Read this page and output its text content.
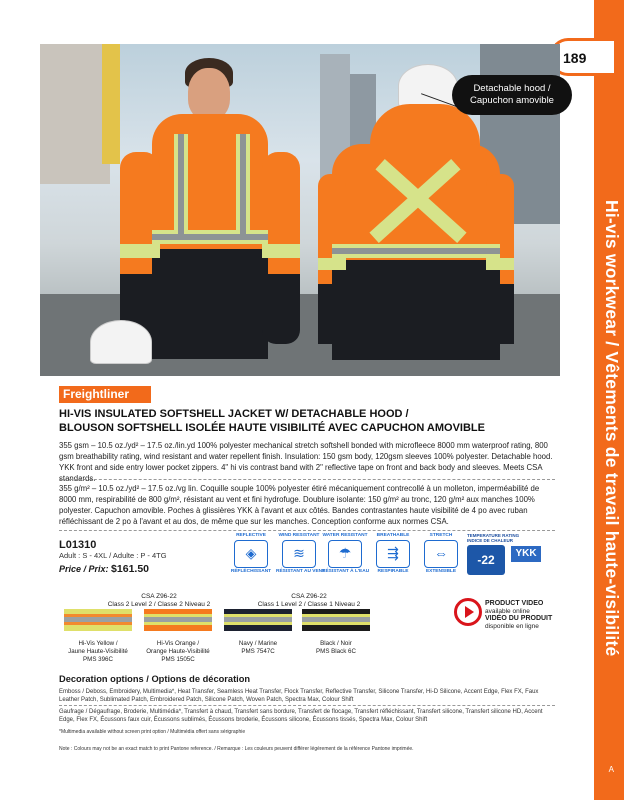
Hi-vis workwear / Vêtements de travail haute-visibilité
189
A
Detachable hood /
Capuchon amovible
Freightliner
HI-VIS INSULATED SOFTSHELL JACKET W/ DETACHABLE HOOD /
BLOUSON SOFTSHELL ISOLÉE HAUTE VISIBILITÉ AVEC CAPUCHON AMOVIBLE
355 gsm – 10.5 oz./yd² – 17.5 oz./lin.yd 100% polyester mechanical stretch softshell bonded with microfleece 8000 mm waterproof rating, 800 gsm breathability rating, wind resistant and water repellent finish. Insulation: 150 gsm body, 120gsm sleeves 100% polyester. Detachable hood. YKK front and side entry lower pocket zippers. 4" hi vis contrast band with 2" reflective tape on front and back body and sleeves. Meets CSA standards.
355 g/m² – 10.5 oz./yd² – 17.5 oz./vg lin. Coquille souple 100% polyester étiré mécaniquement contrecollé à un molleton, imperméabilité de 8000 mm, respirabilité de 800 g/m², résistant au vent et fini hydrofuge. Doublure isolante: 150 g/m² au tronc, 120 g/m² aux manches 100% polyester. Capuchon amovible. Poches à glissières YKK à l'avant et aux côtés. Bandes contrastantes haute visibilité de 4 po avec ruban réfléchissant de 2 po à l'avant et au dos, de même que sur les manches. Conception conforme aux normes CSA.
L01310
Adult : S - 4XL / Adulte : P - 4TG
Price / Prix: $161.50
REFLECTIVE
◈
RÉFLÉCHISSANT
WIND RESISTANT
≋
RÉSISTANT AU VENT
WATER RESISTANT
☂
RÉSISTANT À L'EAU
BREATHABLE
⇶
RESPIRABLE
STRETCH
⇔
EXTENSIBLE
TEMPERATURE RATING
INDICE DE CHALEUR
-22	YKK
CSA Z96-22
Class 2 Level 2 / Classe 2 Niveau 2
CSA Z96-22
Class 1 Level 2 / Classe 1 Niveau 2
Hi-Vis Yellow /
Jaune Haute-Visibilité
PMS 396C
Hi-Vis Orange /
Orange Haute-Visibilité
PMS 1505C
Navy / Marine
PMS 7547C
Black / Noir
PMS Black 6C
PRODUCT VIDEO
available online
VIDÉO DU PRODUIT
disponible en ligne
Decoration options / Options de décoration
Emboss / Deboss, Embroidery, Multimedia*, Heat Transfer, Seamless Heat Transfer, Flock Transfer, Reflective Transfer, Silicone Transfer, Hi-D Silicone, Accent Edge, Flex FX, Faux Leather Patch, Sublimated Patch, Embroidered Patch, Silicone Patch, Woven Patch, Spectra Max, Colour Shift
Gaufrage / Dégaufrage, Broderie, Multimédia*, Transfert à chaud, Transfert sans bordure, Transfert de flocage, Transfert réfléchissant, Transfert silicone, Transfert silicone HD, Accent Edge, Flex FX, Écussons faux cuir, Écussons sublimés, Écussons broderie, Écussons silicone, Écussons tissés, Spectra Max, Colour Shift
*Multimedia available without screen print option / Multimédia offert sans sérigraphie
Note : Colours may not be an exact match to print Pantone reference. / Remarque : Les couleurs peuvent différer légèrement de la référence Pantone imprimée.
